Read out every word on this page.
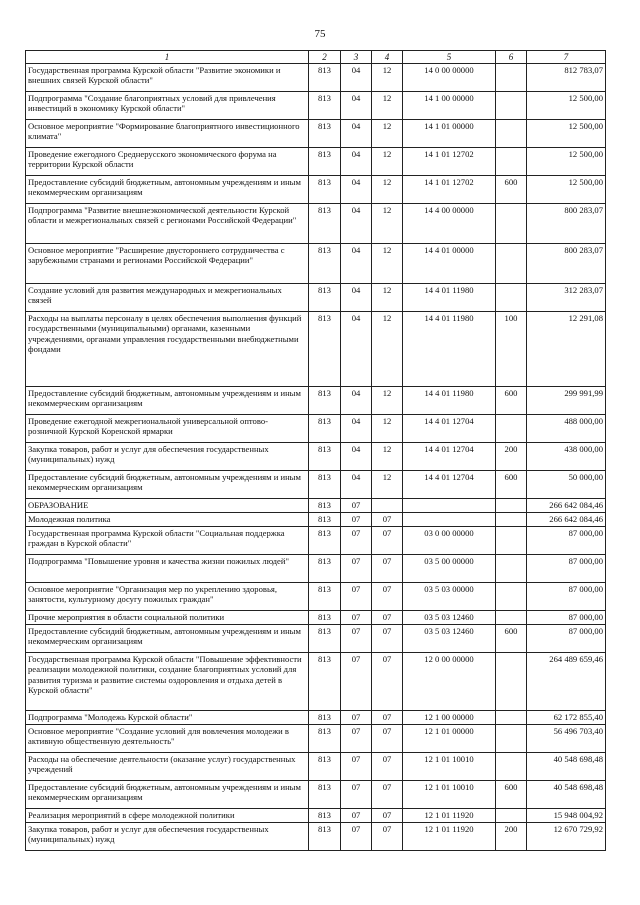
75
1	2	3	4	5	6	7
Государственная программа Курской области "Развитие экономики и внешних связей Курской области"	813	04	12	14 0 00 00000		812 783,07
Подпрограмма "Создание благоприятных условий для привлечения инвестиций в экономику Курской области"	813	04	12	14 1 00 00000		12 500,00
Основное мероприятие "Формирование благоприятного инвестиционного климата"	813	04	12	14 1 01 00000		12 500,00
Проведение ежегодного Среднерусского экономического форума на территории Курской области	813	04	12	14 1 01 12702		12 500,00
Предоставление субсидий бюджетным, автономным учреждениям и иным некоммерческим организациям	813	04	12	14 1 01 12702	600	12 500,00
Подпрограмма "Развитие внешнеэкономической деятельности Курской области и межрегиональных связей с регионами Российской Федерации"	813	04	12	14 4 00 00000		800 283,07
Основное мероприятие "Расширение двустороннего сотрудничества с зарубежными странами и регионами Российской Федерации"	813	04	12	14 4 01 00000		800 283,07
Создание условий для развития международных и межрегиональных связей	813	04	12	14 4 01 11980		312 283,07
Расходы на выплаты персоналу в целях обеспечения выполнения функций государственными (муниципальными) органами, казенными учреждениями, органами управления государственными внебюджетными фондами	813	04	12	14 4 01 11980	100	12 291,08
Предоставление субсидий бюджетным, автономным учреждениям и иным некоммерческим организациям	813	04	12	14 4 01 11980	600	299 991,99
Проведение ежегодной межрегиональной универсальной оптово-розничной Курской Коренской ярмарки	813	04	12	14 4 01 12704		488 000,00
Закупка товаров, работ и услуг для обеспечения государственных (муниципальных) нужд	813	04	12	14 4 01 12704	200	438 000,00
Предоставление субсидий бюджетным, автономным учреждениям и иным некоммерческим организациям	813	04	12	14 4 01 12704	600	50 000,00
ОБРАЗОВАНИЕ	813	07				266 642 084,46
Молодежная политика	813	07	07			266 642 084,46
Государственная программа Курской области "Социальная поддержка граждан в Курской области"	813	07	07	03 0 00 00000		87 000,00
Подпрограмма "Повышение уровня и качества жизни пожилых людей"	813	07	07	03 5 00 00000		87 000,00
Основное мероприятие "Организация мер по укреплению здоровья, занятости, культурному досугу пожилых граждан"	813	07	07	03 5 03 00000		87 000,00
Прочие мероприятия в области социальной политики	813	07	07	03 5 03 12460		87 000,00
Предоставление субсидий бюджетным, автономным учреждениям и иным некоммерческим организациям	813	07	07	03 5 03 12460	600	87 000,00
Государственная программа Курской области "Повышение эффективности реализации молодежной политики, создание благоприятных условий для развития туризма и развитие системы оздоровления и отдыха детей в Курской области"	813	07	07	12 0 00 00000		264 489 659,46
Подпрограмма "Молодежь Курской области"	813	07	07	12 1 00 00000		62 172 855,40
Основное мероприятие "Создание условий для вовлечения молодежи в активную общественную деятельность"	813	07	07	12 1 01 00000		56 496 703,40
Расходы на обеспечение деятельности (оказание услуг) государственных учреждений	813	07	07	12 1 01 10010		40 548 698,48
Предоставление субсидий бюджетным, автономным учреждениям и иным некоммерческим организациям	813	07	07	12 1 01 10010	600	40 548 698,48
Реализация мероприятий в сфере молодежной политики	813	07	07	12 1 01 11920		15 948 004,92
Закупка товаров, работ и услуг для обеспечения государственных (муниципальных) нужд	813	07	07	12 1 01 11920	200	12 670 729,92
